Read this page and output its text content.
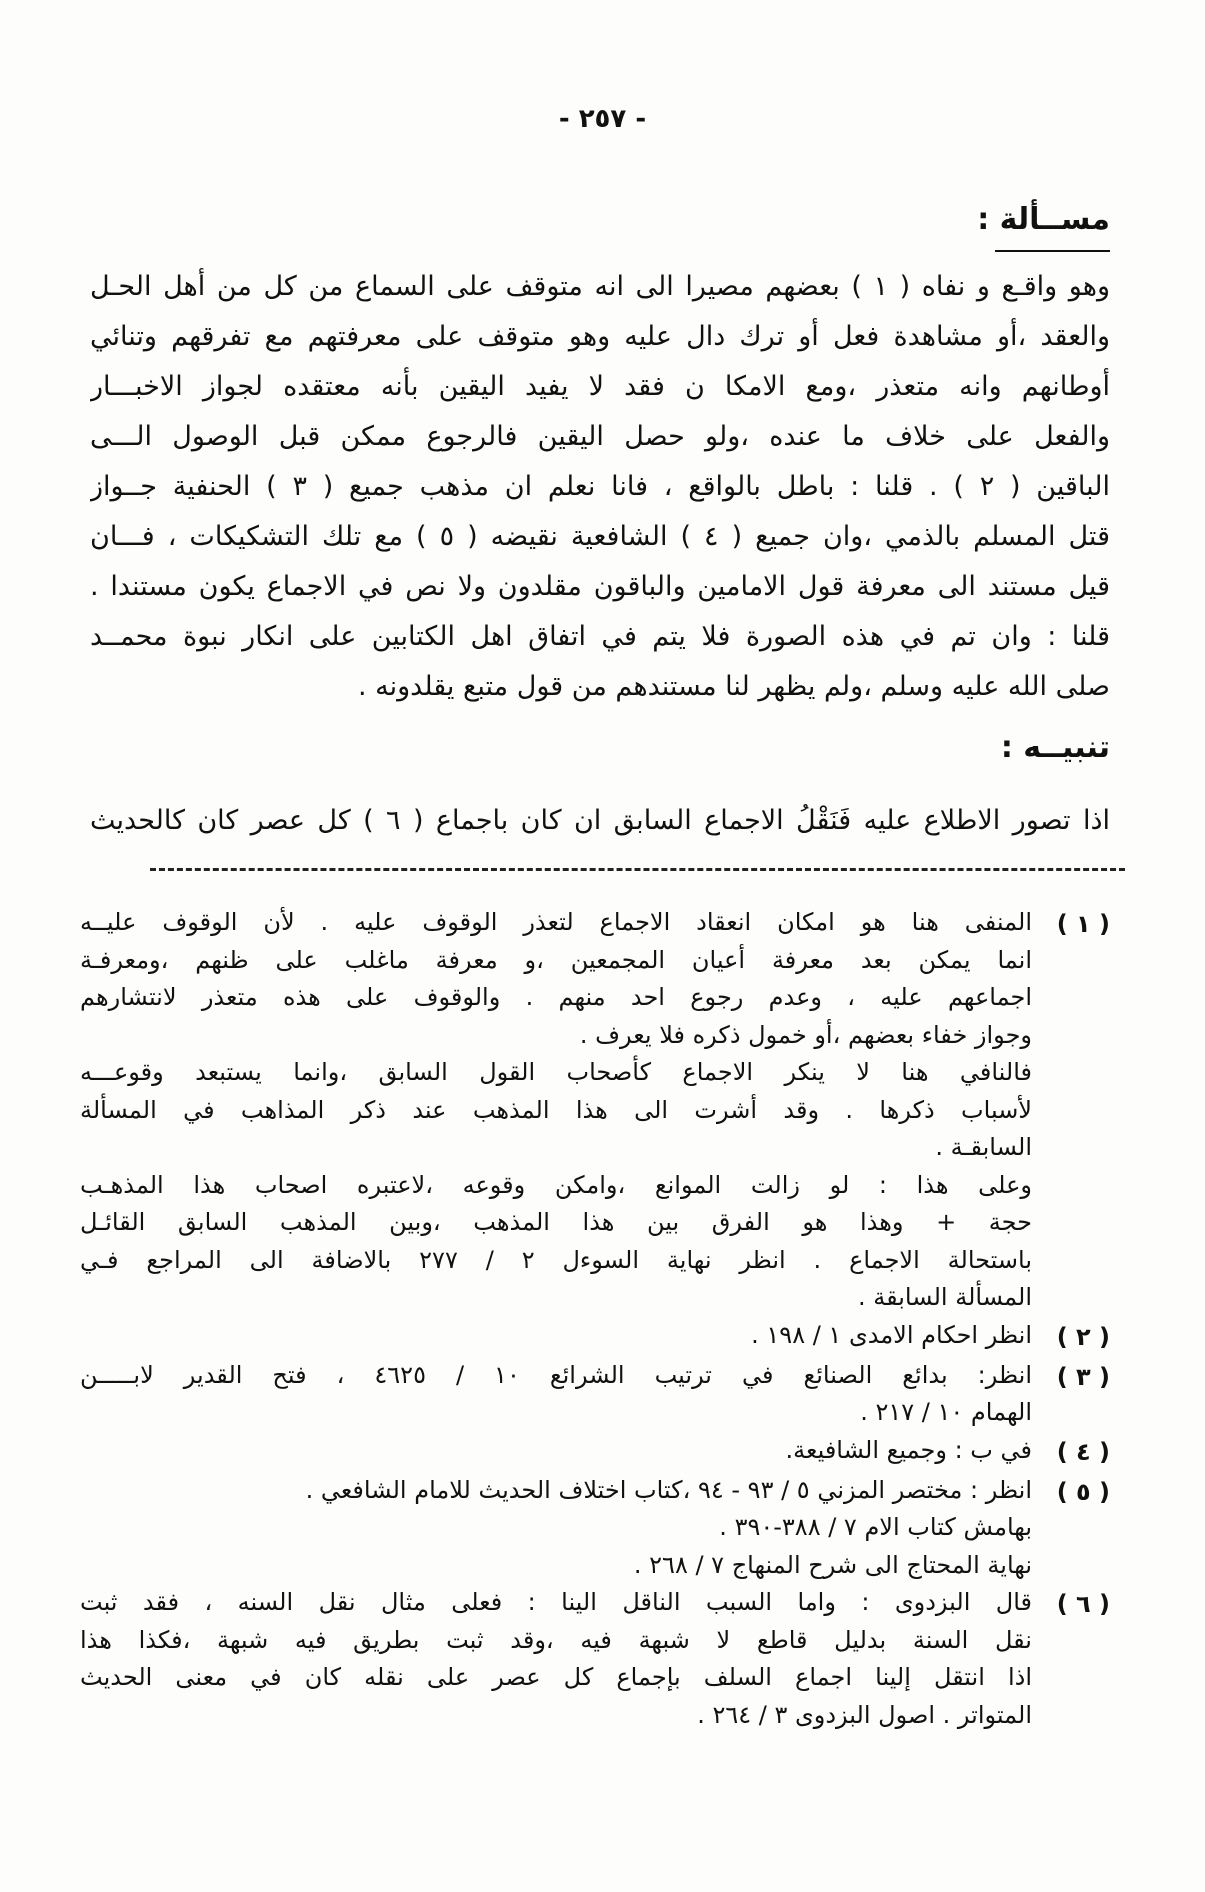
- ٢٥٧ -
مســألة :
وهو واقـع و نفاه ( ١ ) بعضهم مصيرا الى انه متوقف على السماع من كل من أهل الحـل
والعقد ،أو مشاهدة فعل أو ترك دال عليه وهو متوقف على معرفتهم مع تفرقهم وتنائي
أوطانهم وانه متعذر ،ومع الامكا ن فقد لا يفيد اليقين بأنه معتقده لجواز الاخبـــار
والفعل على خلاف ما عنده ،ولو حصل اليقين فالرجوع ممكن قبل الوصول الـــى
الباقين ( ٢ ) . قلنا : باطل بالواقع ، فانا نعلم ان مذهب جميع ( ٣ ) الحنفية جــواز
قتل المسلم بالذمي ،وان جميع ( ٤ ) الشافعية نقيضه ( ٥ ) مع تلك التشكيكات ، فـــان
قيل مستند الى معرفة قول الامامين والباقون مقلدون ولا نص في الاجماع يكون مستندا .
قلنا : وان تم في هذه الصورة فلا يتم في اتفاق اهل الكتابين على انكار نبوة محمــد
صلى الله عليه وسلم ،ولم يظهر لنا مستندهم من قول متبع يقلدونه .
تنبيــه :
اذا تصور الاطلاع عليه فَنَقْلُ الاجماع السابق ان كان باجماع ( ٦ ) كل عصر كان كالحديث
( ١ )
المنفى هنا هو امكان انعقاد الاجماع لتعذر الوقوف عليه . لأن الوقوف عليــه
انما يمكن بعد معرفة أعيان المجمعين ،و معرفة ماغلب على ظنهم ،ومعرفـة
اجماعهم عليه ، وعدم رجوع احد منهم . والوقوف على هذه متعذر لانتشارهم
وجواز خفاء بعضهم ،أو خمول ذكره فلا يعرف .
فالنافي هنا لا ينكر الاجماع كأصحاب القول السابق ،وانما يستبعد وقوعـــه
لأسباب ذكرها . وقد أشرت الى هذا المذهب عند ذكر المذاهب في المسألة
السابقـة .
وعلى هذا : لو زالت الموانع ،وامكن وقوعه ،لاعتبره اصحاب هذا المذهـب
حجة + وهذا هو الفرق بين هذا المذهب ،وبين المذهب السابق القائـل
باستحالة الاجماع . انظر نهاية السوءل ٢ / ٢٧٧ بالاضافة الى المراجع فـي
المسألة السابقة .
( ٢ )
انظر احكام الامدى ١ / ١٩٨ .
( ٣ )
انظر: بدائع الصنائع في ترتيب الشرائع ١٠ / ٤٦٢٥ ، فتح القدير لابـــــن
الهمام ١٠ / ٢١٧ .
( ٤ )
في ب : وجميع الشافيعة.
( ٥ )
انظر : مختصر المزني ٥ / ٩٣ - ٩٤ ،كتاب اختلاف الحديث للامام الشافعي .
بهامش كتاب الام ٧ / ٣٨٨-٣٩٠ .
نهاية المحتاج الى شرح المنهاج ٧ / ٢٦٨ .
( ٦ )
قال البزدوى : واما السبب الناقل الينا : فعلى مثال نقل السنه ، فقد ثبت
نقل السنة بدليل قاطع لا شبهة فيه ،وقد ثبت بطريق فيه شبهة ،فكذا هذا
اذا انتقل إلينا اجماع السلف بإجماع كل عصر على نقله كان في معنى الحديث
المتواتر . اصول البزدوى ٣ / ٢٦٤ .
